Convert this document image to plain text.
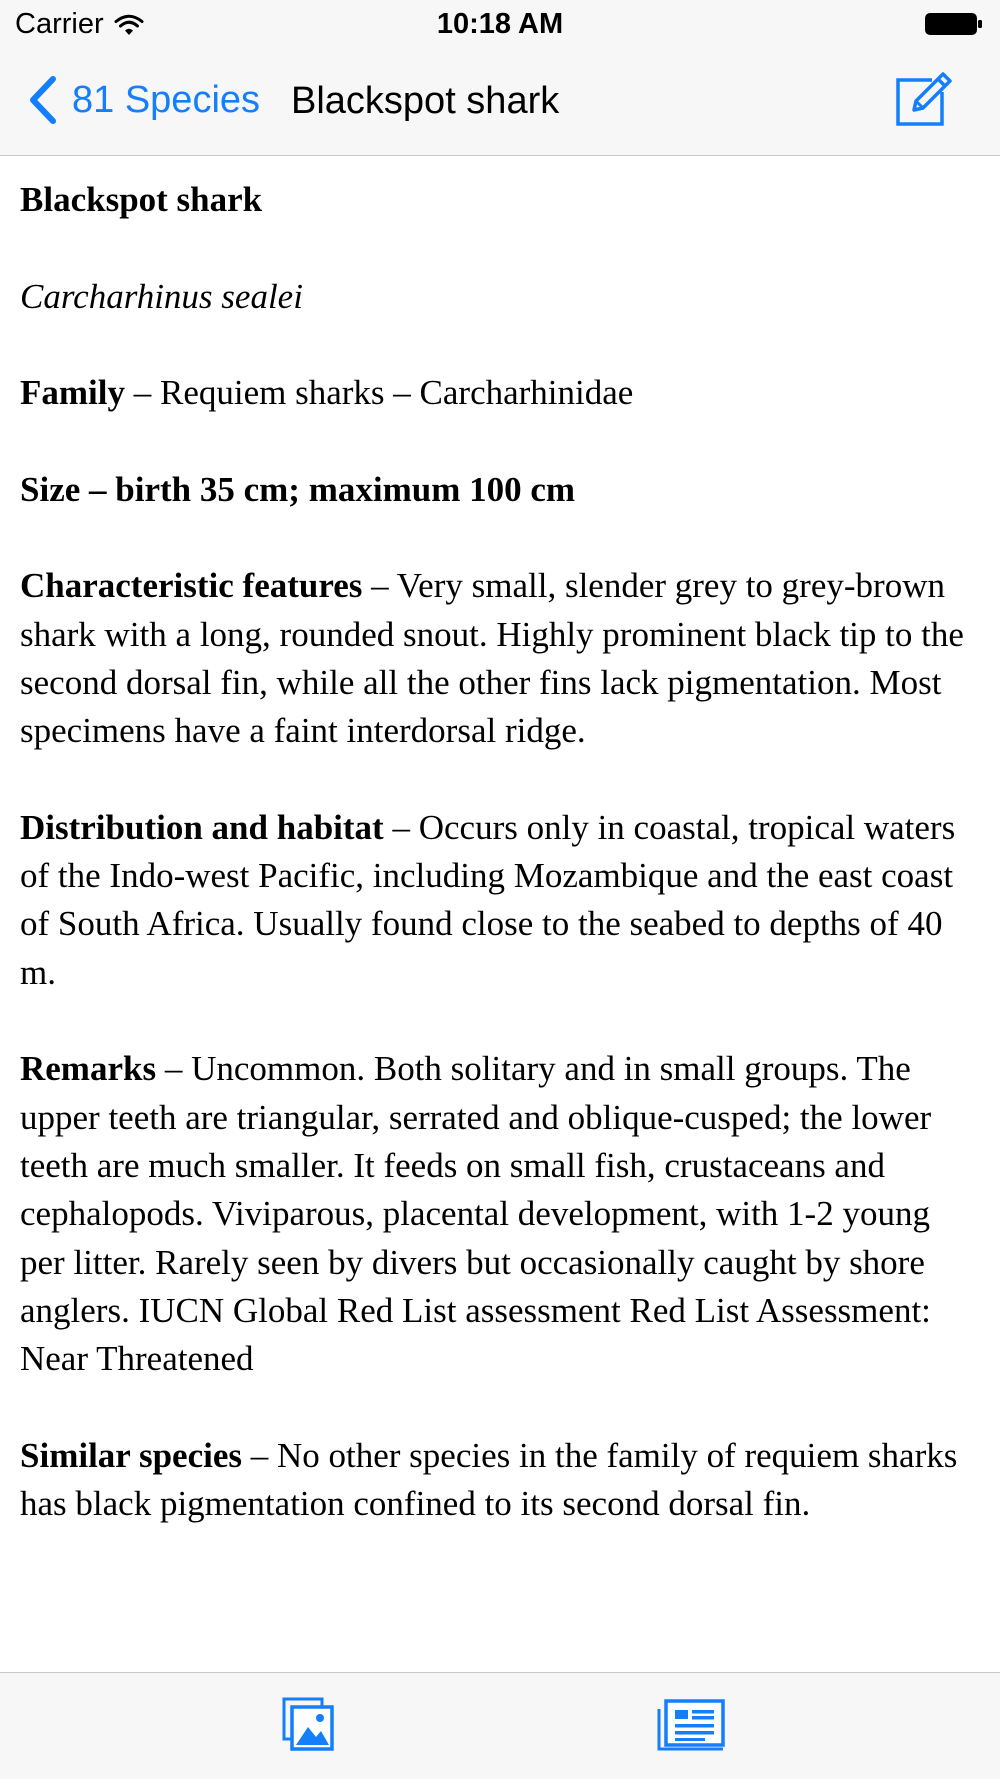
Carrier	10:18 AM
81 Species Blackspot shark

Blackspot shark

Carcharhinus sealei

Family – Requiem sharks – Carcharhinidae

Size – birth 35 cm; maximum 100 cm

Characteristic features – Very small, slender grey to grey-brown shark with a long, rounded snout. Highly prominent black tip to the second dorsal fin, while all the other fins lack pigmentation. Most specimens have a faint interdorsal ridge.

Distribution and habitat – Occurs only in coastal, tropical waters of the Indo-west Pacific, including Mozambique and the east coast of South Africa. Usually found close to the seabed to depths of 40 m.

Remarks – Uncommon. Both solitary and in small groups. The upper teeth are triangular, serrated and oblique-cusped; the lower teeth are much smaller. It feeds on small fish, crustaceans and cephalopods. Viviparous, placental development, with 1-2 young per litter. Rarely seen by divers but occasionally caught by shore anglers. IUCN Global Red List assessment Red List Assessment: Near Threatened

Similar species – No other species in the family of requiem sharks has black pigmentation confined to its second dorsal fin.
